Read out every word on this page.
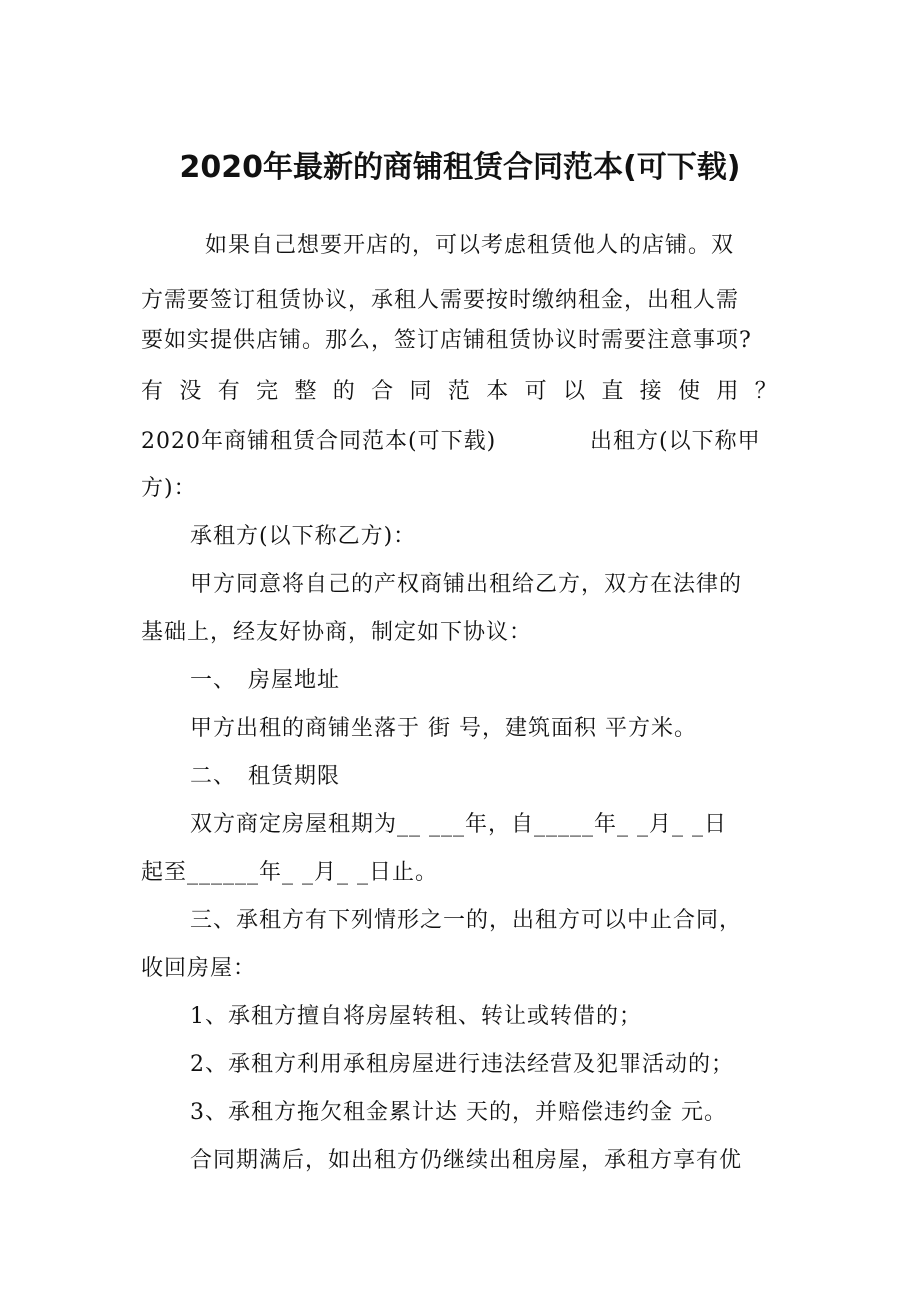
2020年最新的商铺租赁合同范本(可下载)

如果自己想要开店的，可以考虑租赁他人的店铺。双

方需要签订租赁协议，承租人需要按时缴纳租金，出租人需

要如实提供店铺。那么，签订店铺租赁协议时需要注意事项?

有 没 有 完 整 的 合 同 范 本 可 以 直 接 使 用 ？

2020年商铺租赁合同范本(可下载)	出租方(以下称甲

方)：

承租方(以下称乙方)：

甲方同意将自己的产权商铺出租给乙方，双方在法律的

基础上，经友好协商，制定如下协议：

一、　房屋地址

甲方出租的商铺坐落于 街 号，建筑面积 平方米。

二、　租赁期限

双方商定房屋租期为__ ___年，自_____年_ _月_ _日

起至______年_ _月_ _日止。

三、承租方有下列情形之一的，出租方可以中止合同，

收回房屋：

1、承租方擅自将房屋转租、转让或转借的；

2、承租方利用承租房屋进行违法经营及犯罪活动的；

3、承租方拖欠租金累计达 天的，并赔偿违约金 元。

合同期满后，如出租方仍继续出租房屋，承租方享有优
